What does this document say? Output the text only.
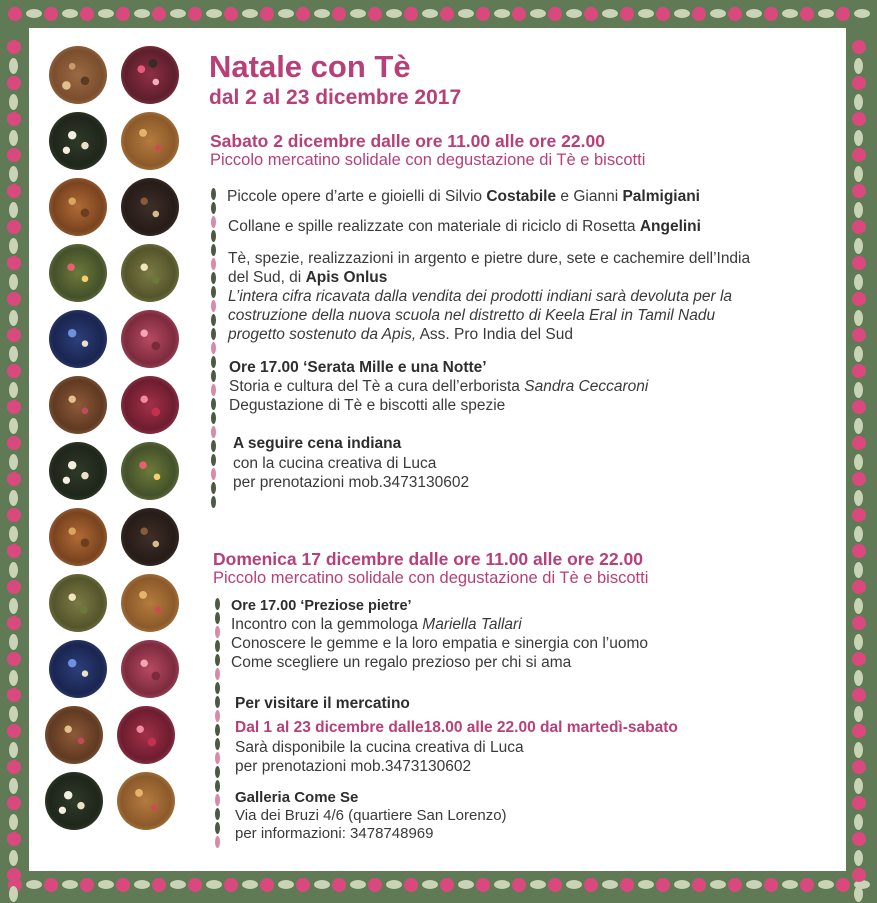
Natale con Tè
dal 2 al 23 dicembre 2017
Sabato 2 dicembre dalle ore 11.00 alle ore 22.00
Piccolo mercatino solidale con degustazione di Tè e biscotti
Piccole opere d’arte e gioielli di Silvio Costabile e Gianni Palmigiani
Collane e spille realizzate con materiale di riciclo di Rosetta Angelini
Tè, spezie, realizzazioni in argento e pietre dure, sete e cachemire dell’India
del Sud, di Apis Onlus
L’intera cifra ricavata dalla vendita dei prodotti indiani sarà devoluta per la
costruzione della nuova scuola nel distretto di Keela Eral in Tamil Nadu
progetto sostenuto da Apis, Ass. Pro India del Sud
Ore 17.00 ‘Serata Mille e una Notte’
Storia e cultura del Tè a cura dell’erborista Sandra Ceccaroni
Degustazione di Tè e biscotti alle spezie
A seguire cena indiana
con la cucina creativa di Luca
per prenotazioni mob.3473130602
Domenica 17 dicembre dalle ore 11.00 alle ore 22.00
Piccolo mercatino solidale con degustazione di Tè e biscotti
Ore 17.00 ‘Preziose pietre’
Incontro con la gemmologa Mariella Tallari
Conoscere le gemme e la loro empatia e sinergia con l’uomo
Come scegliere un regalo prezioso per chi si ama
Per visitare il mercatino
Dal 1 al 23 dicembre dalle18.00 alle 22.00 dal martedì-sabato
Sarà disponibile la cucina creativa di Luca
per prenotazioni mob.3473130602
Galleria Come Se
Via dei Bruzi 4/6 (quartiere San Lorenzo)
per informazioni: 3478748969
